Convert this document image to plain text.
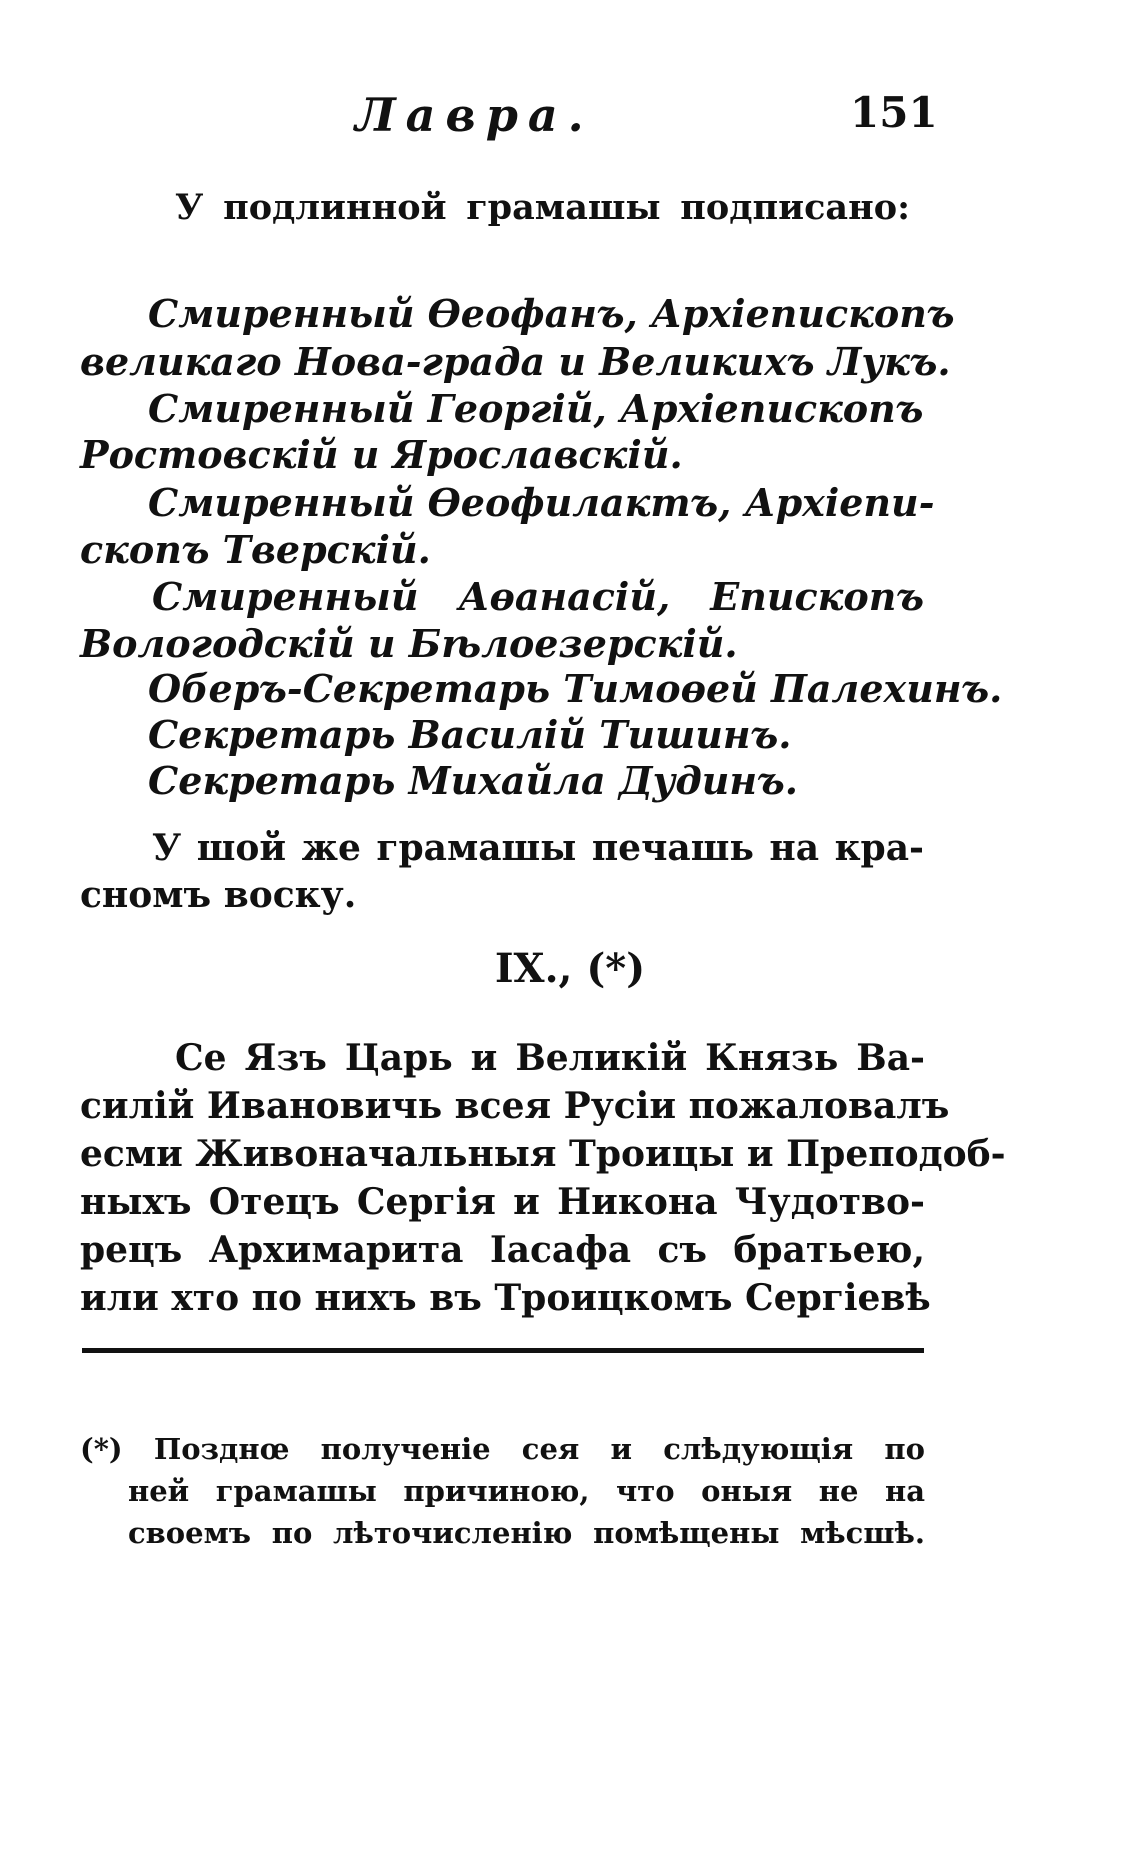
Лавра.	151
У подлинной грамашы подписано:
Смиренный Өеофанъ, Архіепископъ
великаго Нова-града и Великихъ Лукъ.
Смиренный Георгій, Архіепископъ
Ростовскій и Ярославскій.
Смиренный Өеофилактъ, Архіепи-
скопъ Тверскій.
Смиренный Аөанасій, Епископъ
Вологодскій и Бѣлоезерскій.
Оберъ-Секретарь Тимоөей Палехинъ.
Секретарь Василій Тишинъ.
Секретарь Михайла Дудинъ.
У шой же грамашы печашь на кра-
сномъ воску.
IX., (*)
Се Язъ Царь и Великій Князь Ва-
силій Ивановичь всея Русіи пожаловалъ
есми Живоначальныя Троицы и Преподоб-
ныхъ Отецъ Сергія и Никона Чудотво-
рецъ Архимарита Іасафа съ братьею,
или хто по нихъ въ Троицкомъ Сергіевѣ
(*) Позднœ полученіе сея и слѣдующія по
ней грамашы причиною, что оныя не на
своемъ по лѣточисленію помѣщены мѣсшѣ.
